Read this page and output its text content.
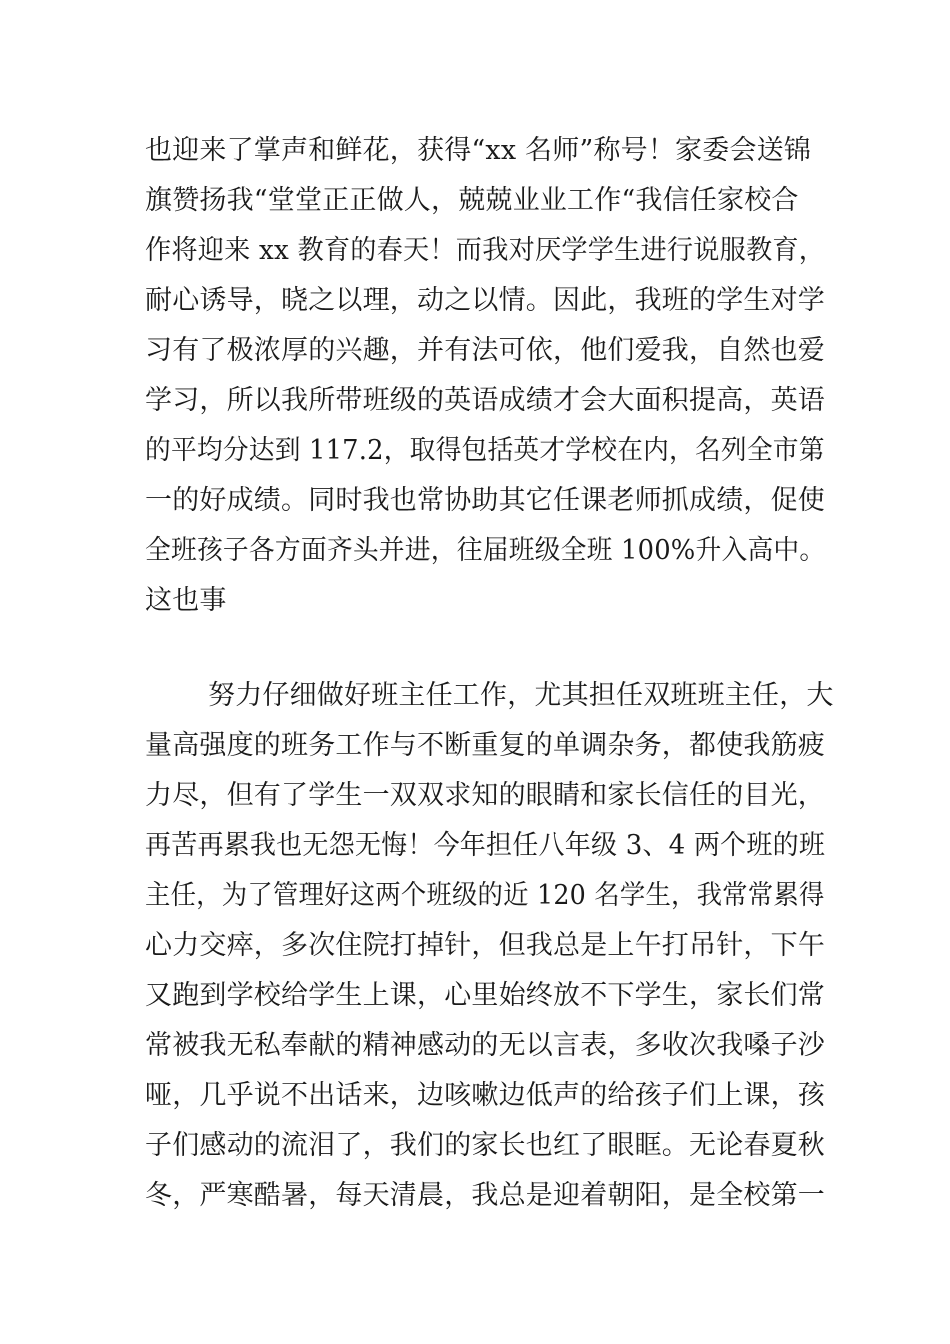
也迎来了掌声和鲜花，获得“xx 名师”称号！家委会送锦
旗赞扬我“堂堂正正做人，兢兢业业工作“我信任家校合
作将迎来 xx 教育的春天！而我对厌学学生进行说服教育，
耐心诱导，晓之以理，动之以情。因此，我班的学生对学
习有了极浓厚的兴趣，并有法可依，他们爱我，自然也爱
学习，所以我所带班级的英语成绩才会大面积提高，英语
的平均分达到 117.2，取得包括英才学校在内，名列全市第
一的好成绩。同时我也常协助其它任课老师抓成绩，促使
全班孩子各方面齐头并进，往届班级全班 100%升入高中。
这也事
努力仔细做好班主任工作，尤其担任双班班主任，大
量高强度的班务工作与不断重复的单调杂务，都使我筋疲
力尽，但有了学生一双双求知的眼睛和家长信任的目光，
再苦再累我也无怨无悔！今年担任八年级 3、4 两个班的班
主任，为了管理好这两个班级的近 120 名学生，我常常累得
心力交瘁，多次住院打掉针，但我总是上午打吊针，下午
又跑到学校给学生上课，心里始终放不下学生，家长们常
常被我无私奉献的精神感动的无以言表，多收次我嗓子沙
哑，几乎说不出话来，边咳嗽边低声的给孩子们上课，孩
子们感动的流泪了，我们的家长也红了眼眶。无论春夏秋
冬，严寒酷暑，每天清晨，我总是迎着朝阳，是全校第一
